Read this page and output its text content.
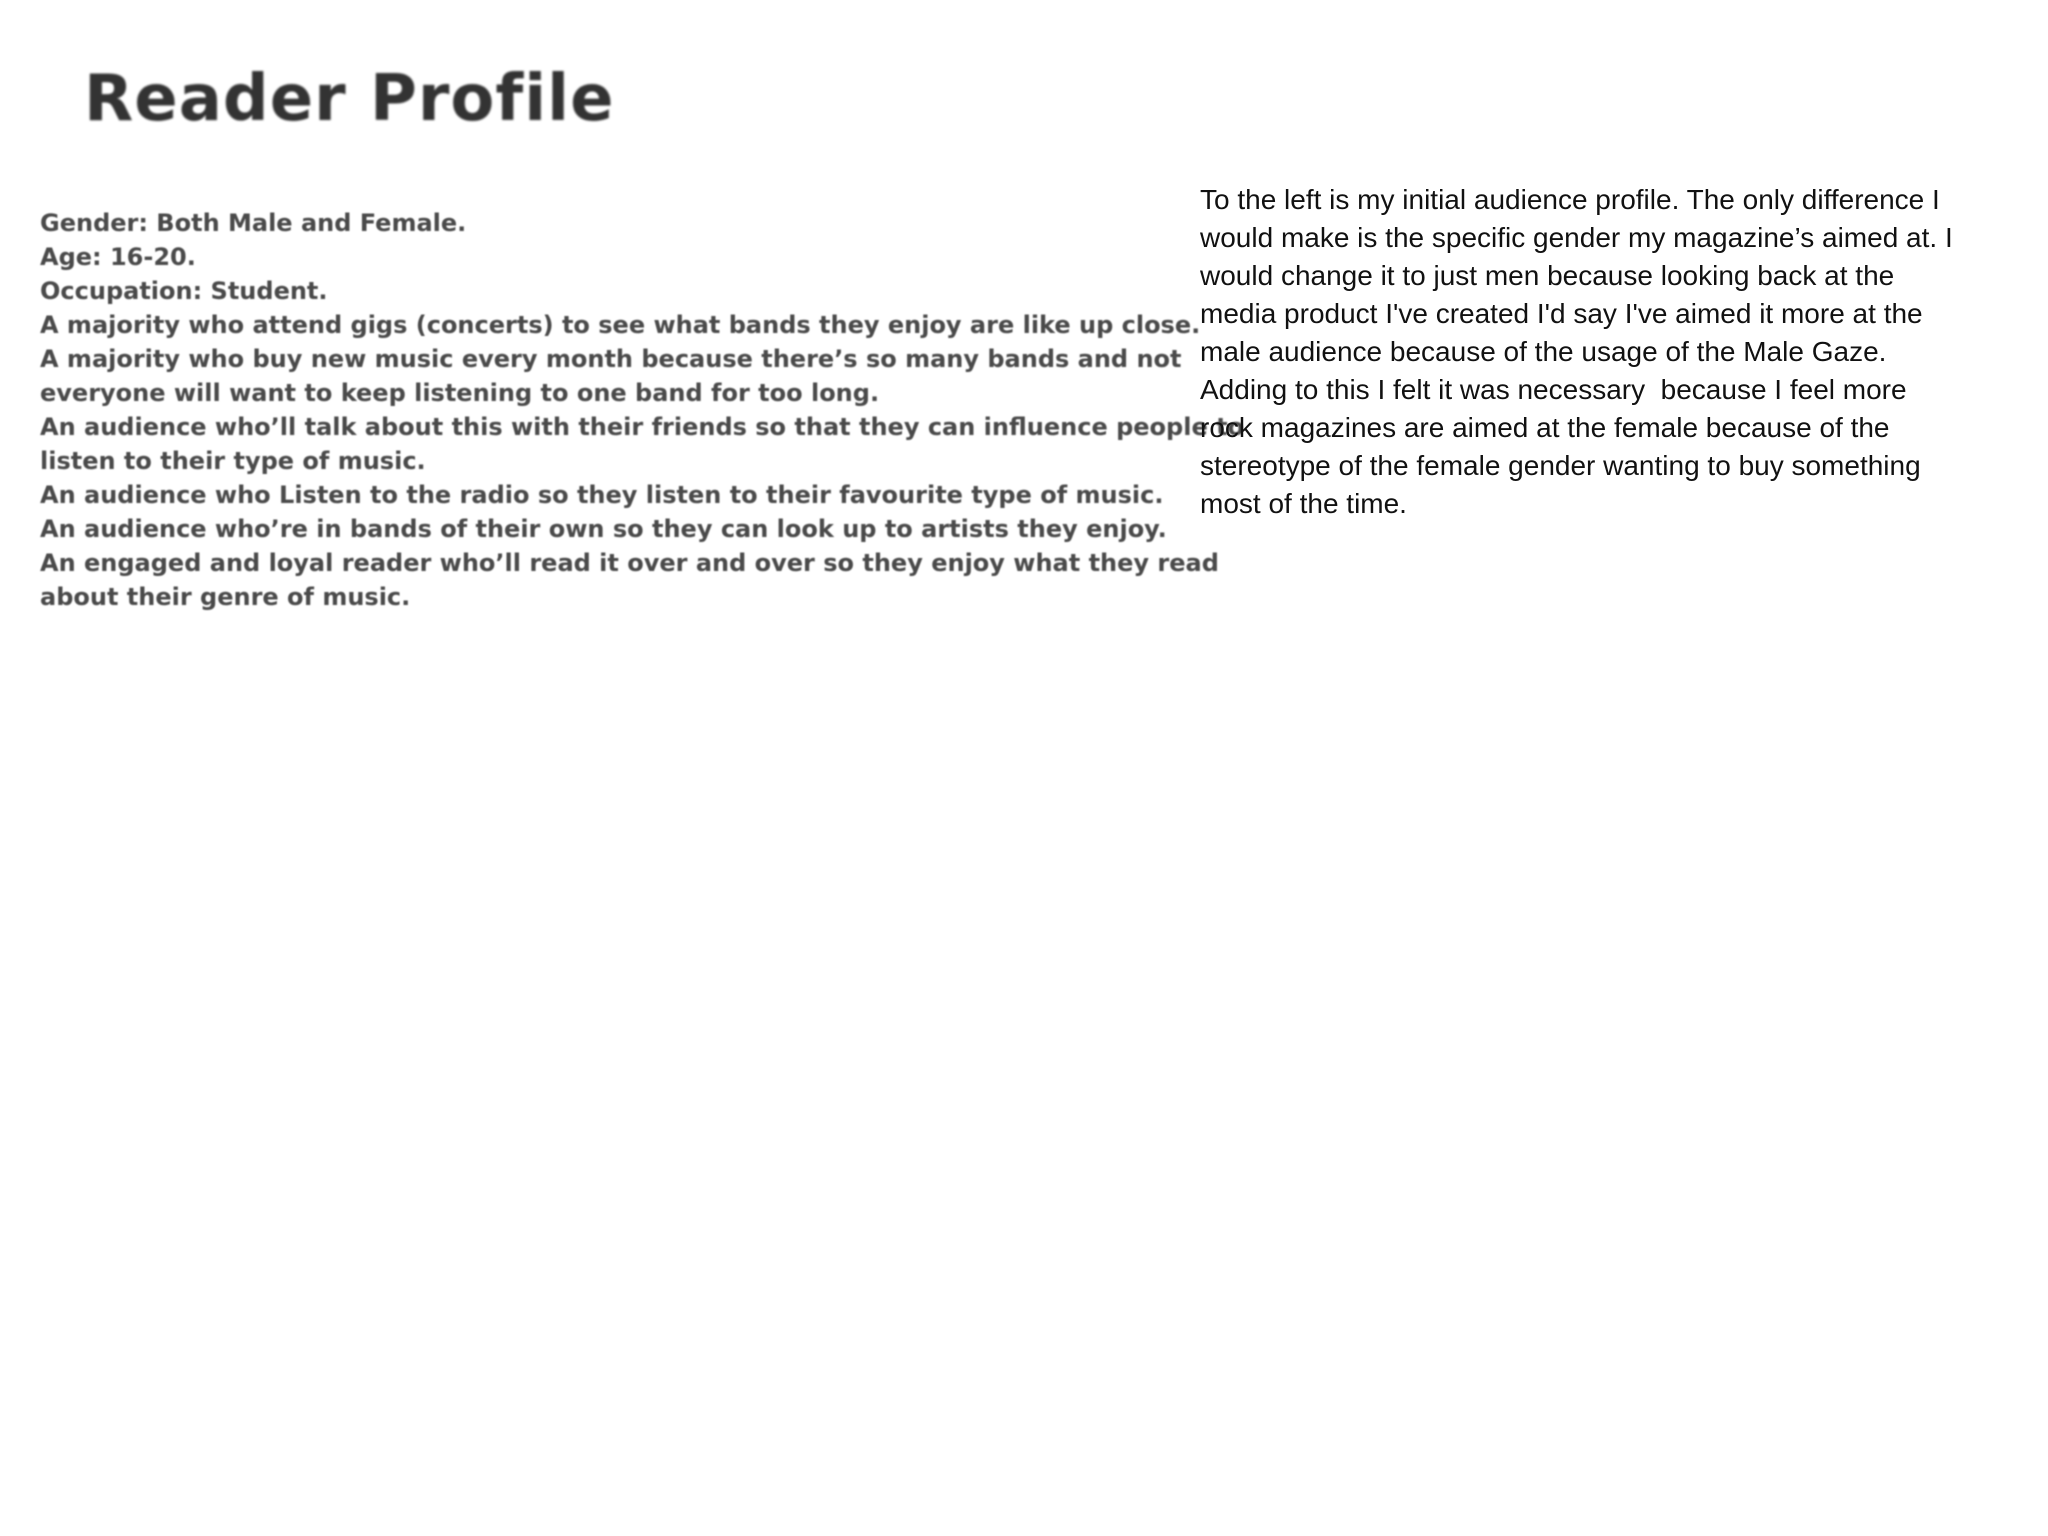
Reader Profile
Gender: Both Male and Female.
Age: 16-20.
Occupation: Student.
A majority who attend gigs (concerts) to see what bands they enjoy are like up close.
A majority who buy new music every month because there’s so many bands and not
everyone will want to keep listening to one band for too long.
An audience who’ll talk about this with their friends so that they can influence people to
listen to their type of music.
An audience who Listen to the radio so they listen to their favourite type of music.
An audience who’re in bands of their own so they can look up to artists they enjoy.
An engaged and loyal reader who’ll read it over and over so they enjoy what they read
about their genre of music.
To the left is my initial audience profile. The only difference I
would make is the specific gender my magazine’s aimed at. I
would change it to just men because looking back at the
media product I've created I'd say I've aimed it more at the
male audience because of the usage of the Male Gaze.
Adding to this I felt it was necessary  because I feel more
rock magazines are aimed at the female because of the
stereotype of the female gender wanting to buy something
most of the time.
